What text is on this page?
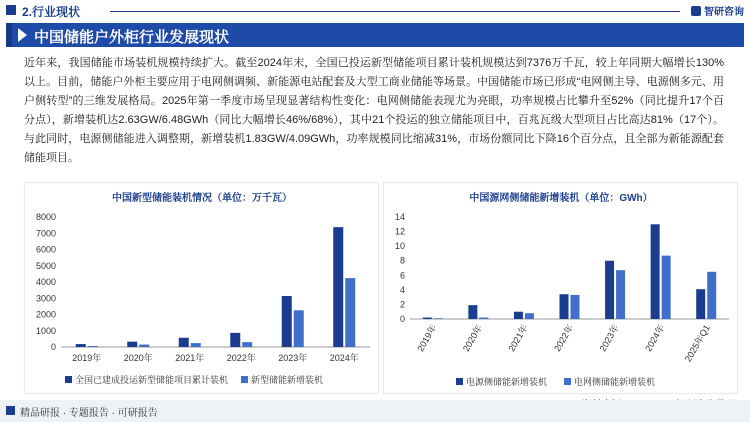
2.行业现状	智研咨询
中国储能户外柜行业发展现状
近年来，我国储能市场装机规模持续扩大。截至2024年末，全国已投运新型储能项目累计装机规模达到7376万千瓦，较上年同期大幅增长130%以上。目前，储能户外柜主要应用于电网侧调频、新能源电站配套及大型工商业储能等场景。中国储能市场已形成“电网侧主导、电源侧多元、用户侧转型”的三维发展格局。2025年第一季度市场呈现显著结构性变化：电网侧储能表现尤为亮眼，功率规模占比攀升至52%（同比提升17个百分点），新增装机达2.63GW/6.48GWh（同比大幅增长46%/68%），其中21个投运的独立储能项目中，百兆瓦级大型项目占比高达81%（17个）。与此同时，电源侧储能进入调整期，新增装机1.83GW/4.09GWh，功率规模同比缩减31%，市场份额同比下降16个百分点，且全部为新能源配套储能项目。
中国新型储能装机情况（单位：万千瓦）
0
1000
2000
3000
4000
5000
6000
7000
8000
2019年 2020年 2021年 2022年 2023年 2024年
全国已建成投运新型储能项目累计装机	新型储能新增装机
中国源网侧储能新增装机（单位：GWh）
0
2
4
6
8
10
12
14
2019年 2020年 2021年 2022年 2023年 2024年 2025年Q1
电源侧储能新增装机	电网侧储能新增装机
精品研报 · 专题报告 · 可研报告
